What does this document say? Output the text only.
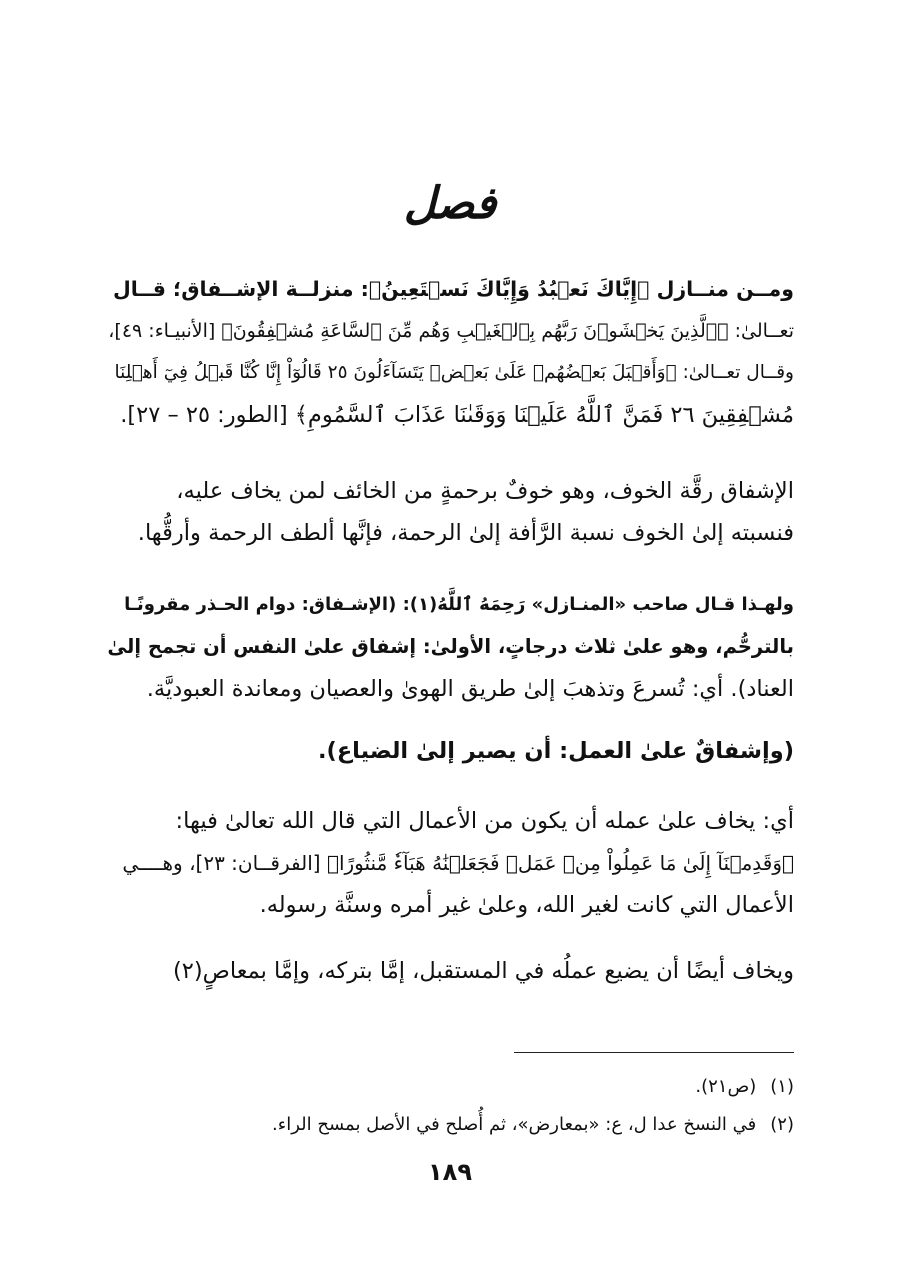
فصل
ومــن منــازل ﴿إِيَّاكَ نَعۡبُدُ وَإِيَّاكَ نَسۡتَعِينُ﴾: منزلــة الإشــفاق؛ قــال
تعــالىٰ: ﴿ٱلَّذِينَ يَخۡشَوۡنَ رَبَّهُم بِٱلۡغَيۡبِ وَهُم مِّنَ ٱلسَّاعَةِ مُشۡفِقُونَ﴾ [الأنبيـاء: ٤٩]،
وقــال تعــالىٰ: ﴿وَأَقۡبَلَ بَعۡضُهُمۡ عَلَىٰ بَعۡضٖ يَتَسَآءَلُونَ ٢٥ قَالُوٓاْ إِنَّا كُنَّا قَبۡلُ فِيٓ أَهۡلِنَا
مُشۡفِقِينَ ٢٦ فَمَنَّ ٱللَّهُ عَلَيۡنَا وَوَقَىٰنَا عَذَابَ ٱلسَّمُومِ﴾ [الطور: ٢٥ – ٢٧].
الإشفاق رقَّة الخوف، وهو خوفٌ برحمةٍ من الخائف لمن يخاف عليه،
فنسبته إلىٰ الخوف نسبة الرَّأفة إلىٰ الرحمة، فإنَّها ألطف الرحمة وأرقُّها.
ولهـذا قـال صاحب «المنـازل» رَحِمَهُ ٱللَّهُ(١): (الإشـفاق: دوام الحـذر مقرونًـا
بالترحُّم، وهو علىٰ ثلاث درجاتٍ، الأولىٰ: إشفاق علىٰ النفس أن تجمح إلىٰ
العناد). أي: تُسرعَ وتذهبَ إلىٰ طريق الهوىٰ والعصيان ومعاندة العبوديَّة.
(وإشفاقٌ علىٰ العمل: أن يصير إلىٰ الضياع).
أي: يخاف علىٰ عمله أن يكون من الأعمال التي قال الله تعالىٰ فيها:
﴿وَقَدِمۡنَآ إِلَىٰ مَا عَمِلُواْ مِنۡ عَمَلٖ فَجَعَلۡنَٰهُ هَبَآءٗ مَّنثُورًا﴾ [الفرقــان: ٢٣]، وهــــي
الأعمال التي كانت لغير الله، وعلىٰ غير أمره وسنَّة رسوله.
ويخاف أيضًا أن يضيع عملُه في المستقبل، إمَّا بتركه، وإمَّا بمعاصٍ(٢)
(١)(ص٢١).
(٢)في النسخ عدا ل، ع: «بمعارض»، ثم أُصلح في الأصل بمسح الراء.
١٨٩
